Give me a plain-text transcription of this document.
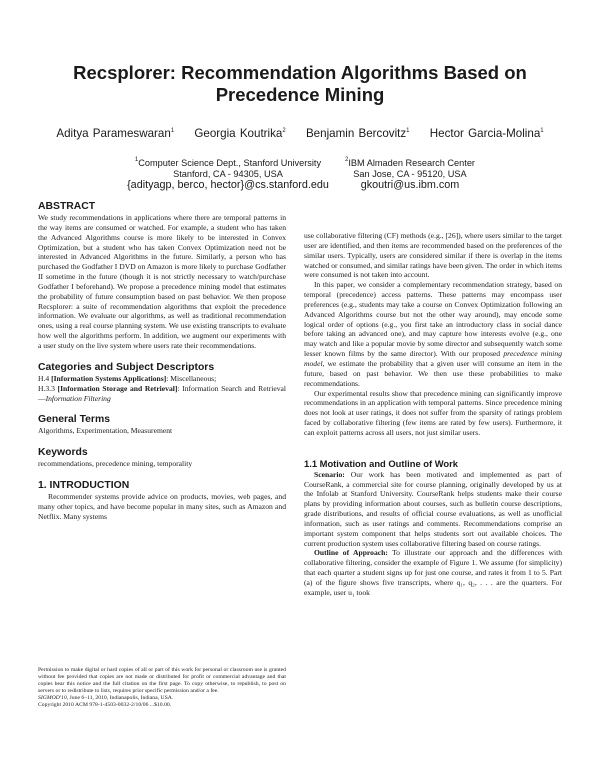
Recsplorer: Recommendation Algorithms Based on
Precedence Mining
Aditya Parameswaran$^1$ Georgia Koutrika$^2$ Benjamin Bercovitz$^1$ Hector Garcia-Molina$^1$
$^1$Computer Science Dept., Stanford University
Stanford, CA - 94305, USA
{adityagp, berco, hector}@cs.stanford.edu
$^2$IBM Almaden Research Center
San Jose, CA - 95120, USA
gkoutri@us.ibm.com
ABSTRACT

We study recommendations in applications where there are temporal patterns in the way items are consumed or watched. For example, a student who has taken the Advanced Algorithms course is more likely to be interested in Convex Optimization, but a student who has taken Convex Optimization need not be interested in Advanced Algorithms in the future. Similarly, a person who has purchased the Godfather I DVD on Amazon is more likely to purchase Godfather II sometime in the future (though it is not strictly necessary to watch/purchase Godfather I beforehand). We propose a precedence mining model that estimates the probability of future consumption based on past behavior. We then propose Recsplorer: a suite of recommendation algorithms that exploit the precedence information. We evaluate our algorithms, as well as traditional recommendation ones, using a real course planning system. We use existing transcripts to evaluate how well the algorithms perform. In addition, we augment our experiments with a user study on the live system where users rate their recommendations.

Categories and Subject Descriptors

H.4 [Information Systems Applications]: Miscellaneous;
H.3.3 [Information Storage and Retrieval]: Information Search and Retrieval—Information Filtering

General Terms

Algorithms, Experimentation, Measurement

Keywords

recommendations, precedence mining, temporality

1. INTRODUCTION

Recommender systems provide advice on products, movies, web pages, and many other topics, and have become popular in many sites, such as Amazon and Netflix. Many systems

Permission to make digital or hard copies of all or part of this work for personal or classroom use is granted without fee provided that copies are not made or distributed for profit or commercial advantage and that copies bear this notice and the full citation on the first page. To copy otherwise, to republish, to post on servers or to redistribute to lists, requires prior specific permission and/or a fee.

SIGMOD'10, June 6–11, 2010, Indianapolis, Indiana, USA.

Copyright 2010 ACM 978-1-4503-0032-2/10/06 ...$10.00.

use collaborative filtering (CF) methods (e.g., [26]), where users similar to the target user are identified, and then items are recommended based on the preferences of the similar users. Typically, users are considered similar if there is overlap in the items watched or consumed, and similar ratings have been given. The order in which items were consumed is not taken into account.

In this paper, we consider a complementary recommendation strategy, based on temporal (precedence) access patterns. These patterns may encompass user preferences (e.g., students may take a course on Convex Optimization following an Advanced Algorithms course but not the other way around), may encode some logical order of options (e.g., you first take an introductory class in social dance before taking an advanced one), and may capture how interests evolve (e.g., one may watch and like a popular movie by some director and subsequently watch some lesser known films by the same director). With our proposed precedence mining model, we estimate the probability that a given user will consume an item in the future, based on past behavior. We then use these probabilities to make recommendations.

Our experimental results show that precedence mining can significantly improve recommendations in an application with temporal patterns. Since precedence mining does not look at user ratings, it does not suffer from the sparsity of ratings problem faced by collaborative filtering (few items are rated by few users). Furthermore, it can exploit patterns across all users, not just similar users.

1.1 Motivation and Outline of Work

Scenario: Our work has been motivated and implemented as part of CourseRank, a commercial site for course planning, originally developed by us at the Infolab at Stanford University. CourseRank helps students make their course plans by providing information about courses, such as bulletin course descriptions, grade distributions, and results of official course evaluations, as well as unofficial information, such as user ratings and comments. Recommendations comprise an important system component that helps students sort out available choices. The current production system uses collaborative filtering based on course ratings.

Outline of Approach: To illustrate our approach and the differences with collaborative filtering, consider the example of Figure 1. We assume (for simplicity) that each quarter a student signs up for just one course, and rates it from 1 to 5. Part (a) of the figure shows five transcripts, where q₁, q₂, . . . are the quarters. For example, user u₁ took
